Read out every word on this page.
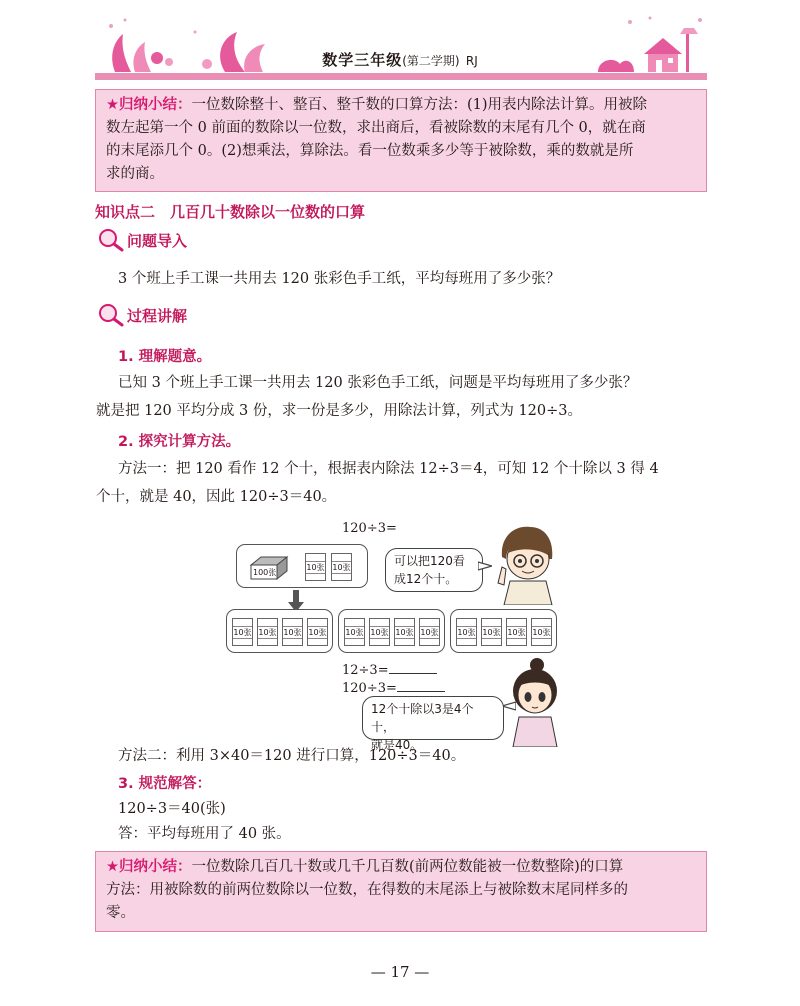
数学三年级(第二学期) RJ
★归纳小结：一位数除整十、整百、整千数的口算方法：(1)用表内除法计算。用被除
数左起第一个 0 前面的数除以一位数，求出商后，看被除数的末尾有几个 0，就在商
的末尾添几个 0。(2)想乘法，算除法。看一位数乘多少等于被除数，乘的数就是所
求的商。
知识点二　几百几十数除以一位数的口算
问题导入
3 个班上手工课一共用去 120 张彩色手工纸，平均每班用了多少张？
过程讲解
1. 理解题意。
已知 3 个班上手工课一共用去 120 张彩色手工纸，问题是平均每班用了多少张？
就是把 120 平均分成 3 份，求一份是多少，用除法计算，列式为 120÷3。
2. 探究计算方法。
方法一：把 120 看作 12 个十，根据表内除法 12÷3＝4，可知 12 个十除以 3 得 4
个十，就是 40，因此 120÷3＝40。
120÷3=
100张
10张 10张	可以把120看
成12个十。
10张 10张 10张 10张 10张 10张 10张 10张 10张 10张 10张 10张
12÷3=
120÷3=
12个十除以3是4个十，
就是40。
方法二：利用 3×40＝120 进行口算，120÷3＝40。
3. 规范解答：
120÷3＝40(张)
答：平均每班用了 40 张。
★归纳小结：一位数除几百几十数或几千几百数(前两位数能被一位数整除)的口算
方法：用被除数的前两位数除以一位数，在得数的末尾添上与被除数末尾同样多的
零。
— 17 —
